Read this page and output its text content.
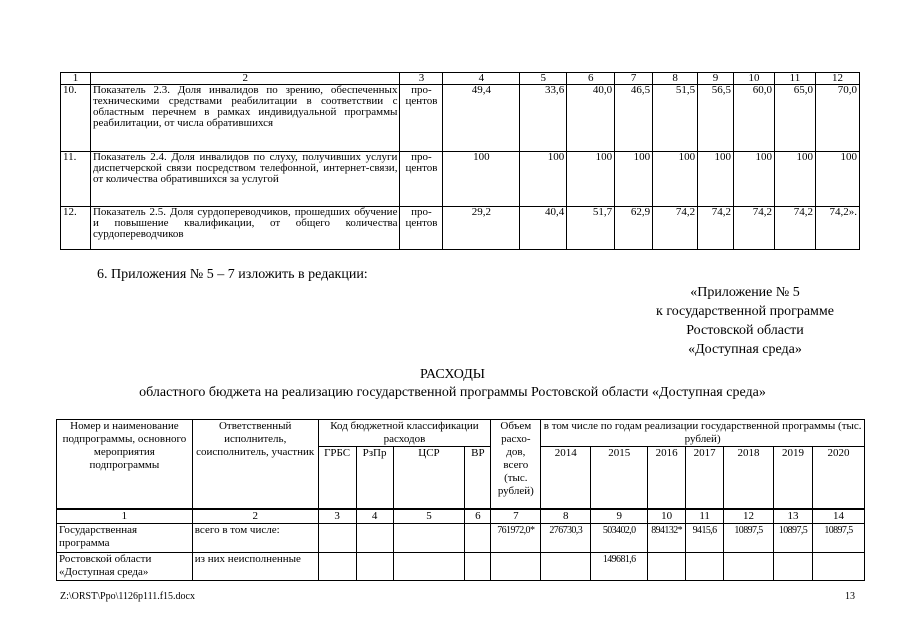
1	2	3	4	5	6	7	8	9	10	11	12
10.	Показатель 2.3. Доля инвалидов по зрению, обеспеченных техническими средствами реабилитации в соответствии с областным перечнем в рамках индивидуальной программы реабилитации, от числа обратившихся	про-центов	49,4	33,6	40,0	46,5	51,5	56,5	60,0	65,0	70,0
11.	Показатель 2.4. Доля инвалидов по слуху, получивших услуги диспетчерской связи посредством телефонной, интернет-связи, от количества обратившихся за услугой	про-центов	100	100	100	100	100	100	100	100	100
12.	Показатель 2.5. Доля сурдопереводчиков, прошедших обучение и повышение квалификации, от общего количества сурдопереводчиков	про-центов	29,2	40,4	51,7	62,9	74,2	74,2	74,2	74,2	74,2».
6. Приложения № 5 – 7 изложить в редакции:
«Приложение № 5
к государственной программе
Ростовской области
«Доступная среда»
РАСХОДЫ
областного бюджета на реализацию государственной программы Ростовской области «Доступная среда»
Номер и наименование подпрограммы, основного мероприятия подпрограммы	Ответственный исполнитель, соисполнитель, участник	Код бюджетной классификации расходов				Объем расхо-дов, всего (тыс. рублей)	в том числе по годам реализации государственной программы (тыс. рублей)						
		ГРБС	РзПр	ЦСР	ВР		2014	2015	2016	2017	2018	2019	2020
1	2	3	4	5	6	7	8	9	10	11	12	13	14
Государственная программа	всего в том числе:					761972,0*	276730,3	503402,0	894132*	9415,6	10897,5	10897,5	10897,5
Ростовской области «Доступная среда»	из них неисполненные							149681,6					
Z:\ORST\Ppo\1126p111.f15.docx	13
